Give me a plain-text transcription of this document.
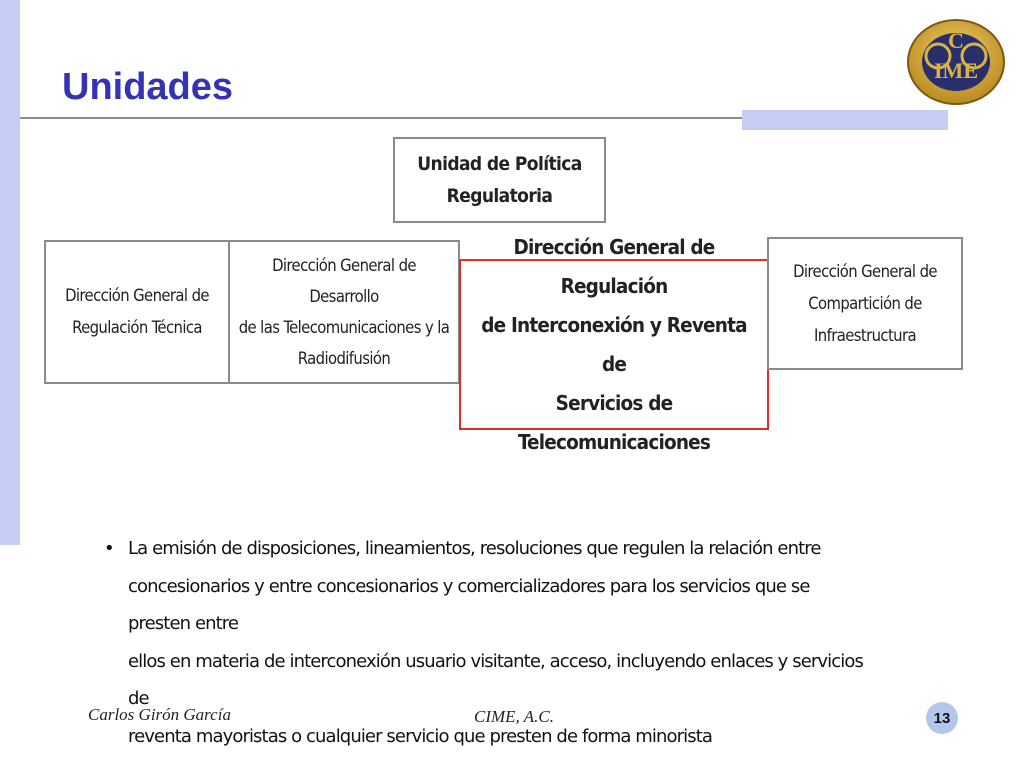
Unidades
C
IME
Unidad de Política
Regulatoria
Dirección General de
Regulación Técnica
Dirección General de Desarrollo
de las Telecomunicaciones y la
Radiodifusión
Dirección General de Regulación
de Interconexión y Reventa de
Servicios de Telecomunicaciones
Dirección General de
Compartición de
Infraestructura
• La emisión de disposiciones, lineamientos, resoluciones que regulen la relación entre
concesionarios y entre concesionarios y comercializadores para los servicios que se presten entre
ellos en materia de interconexión usuario visitante, acceso, incluyendo enlaces y servicios de
reventa mayoristas o cualquier servicio que presten de forma minorista
Carlos Girón García	CIME, A.C.	13
